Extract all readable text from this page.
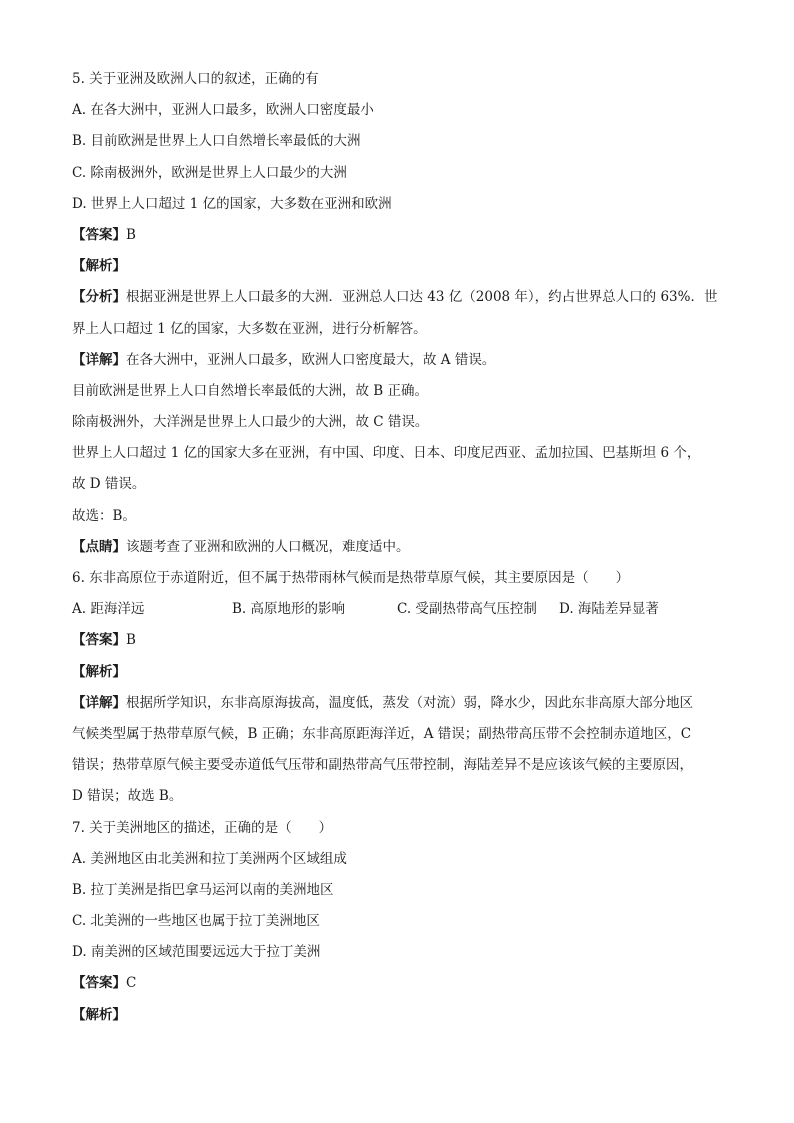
5. 关于亚洲及欧洲人口的叙述，正确的有
A. 在各大洲中，亚洲人口最多，欧洲人口密度最小
B. 目前欧洲是世界上人口自然增长率最低的大洲
C. 除南极洲外，欧洲是世界上人口最少的大洲
D. 世界上人口超过 1 亿的国家，大多数在亚洲和欧洲
【答案】B
【解析】
【分析】根据亚洲是世界上人口最多的大洲．亚洲总人口达 43 亿（2008 年），约占世界总人口的 63%．世
界上人口超过 1 亿的国家，大多数在亚洲，进行分析解答。
【详解】在各大洲中，亚洲人口最多，欧洲人口密度最大，故 A 错误。
目前欧洲是世界上人口自然增长率最低的大洲，故 B 正确。
除南极洲外，大洋洲是世界上人口最少的大洲，故 C 错误。
世界上人口超过 1 亿的国家大多在亚洲，有中国、印度、日本、印度尼西亚、孟加拉国、巴基斯坦 6 个，
故 D 错误。
故选：B。
【点睛】该题考查了亚洲和欧洲的人口概况，难度适中。
6. 东非高原位于赤道附近，但不属于热带雨林气候而是热带草原气候，其主要原因是（　　）
A. 距海洋远	B. 高原地形的影响	C. 受副热带高气压控制	D. 海陆差异显著
【答案】B
【解析】
【详解】根据所学知识，东非高原海拔高，温度低，蒸发（对流）弱，降水少，因此东非高原大部分地区
气候类型属于热带草原气候，B 正确；东非高原距海洋近，A 错误；副热带高压带不会控制赤道地区，C
错误；热带草原气候主要受赤道低气压带和副热带高气压带控制，海陆差异不是应该该气候的主要原因，
D 错误；故选 B。
7. 关于美洲地区的描述，正确的是（　　）
A. 美洲地区由北美洲和拉丁美洲两个区域组成
B. 拉丁美洲是指巴拿马运河以南的美洲地区
C. 北美洲的一些地区也属于拉丁美洲地区
D. 南美洲的区域范围要远远大于拉丁美洲
【答案】C
【解析】
